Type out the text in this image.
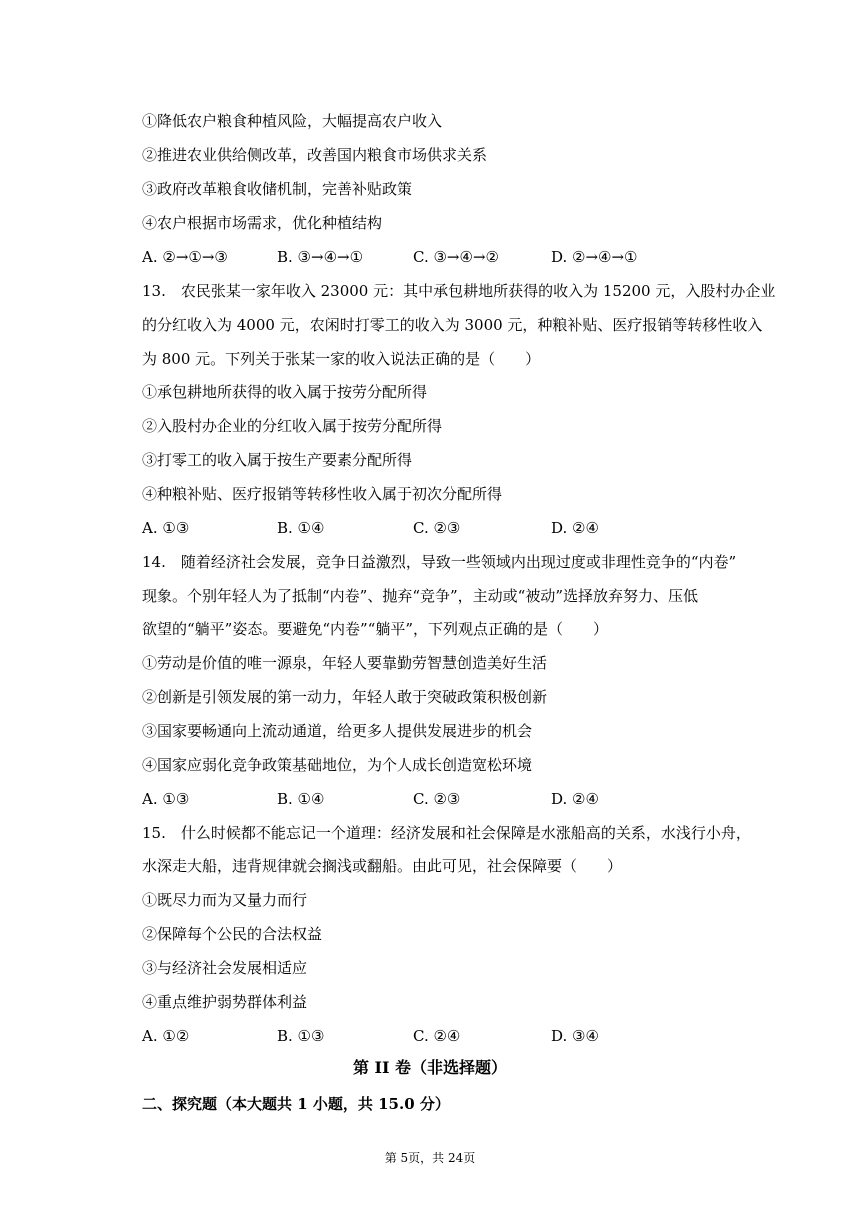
①降低农户粮食种植风险，大幅提高农户收入
②推进农业供给侧改革，改善国内粮食市场供求关系
③政府改革粮食收储机制，完善补贴政策
④农户根据市场需求，优化种植结构
A. ②→①→③	B. ③→④→①	C. ③→④→②	D. ②→④→①
13.　农民张某一家年收入 23000 元：其中承包耕地所获得的收入为 15200 元，入股村办企业
的分红收入为 4000 元，农闲时打零工的收入为 3000 元，种粮补贴、医疗报销等转移性收入
为 800 元。下列关于张某一家的收入说法正确的是（　　）
①承包耕地所获得的收入属于按劳分配所得
②入股村办企业的分红收入属于按劳分配所得
③打零工的收入属于按生产要素分配所得
④种粮补贴、医疗报销等转移性收入属于初次分配所得
A. ①③	B. ①④	C. ②③	D. ②④
14.　随着经济社会发展，竞争日益激烈，导致一些领域内出现过度或非理性竞争的“内卷”
现象。个别年轻人为了抵制“内卷”、抛弃“竞争”，主动或“被动”选择放弃努力、压低
欲望的“躺平”姿态。要避免“内卷”“躺平”，下列观点正确的是（　　）
①劳动是价值的唯一源泉，年轻人要靠勤劳智慧创造美好生活
②创新是引领发展的第一动力，年轻人敢于突破政策积极创新
③国家要畅通向上流动通道，给更多人提供发展进步的机会
④国家应弱化竞争政策基础地位，为个人成长创造宽松环境
A. ①③	B. ①④	C. ②③	D. ②④
15.　什么时候都不能忘记一个道理：经济发展和社会保障是水涨船高的关系，水浅行小舟，
水深走大船，违背规律就会搁浅或翻船。由此可见，社会保障要（　　）
①既尽力而为又量力而行
②保障每个公民的合法权益
③与经济社会发展相适应
④重点维护弱势群体利益
A. ①②	B. ①③	C. ②④	D. ③④
第 II 卷（非选择题）
二、探究题（本大题共 1 小题，共 15.0 分）
第 5页，共 24页
